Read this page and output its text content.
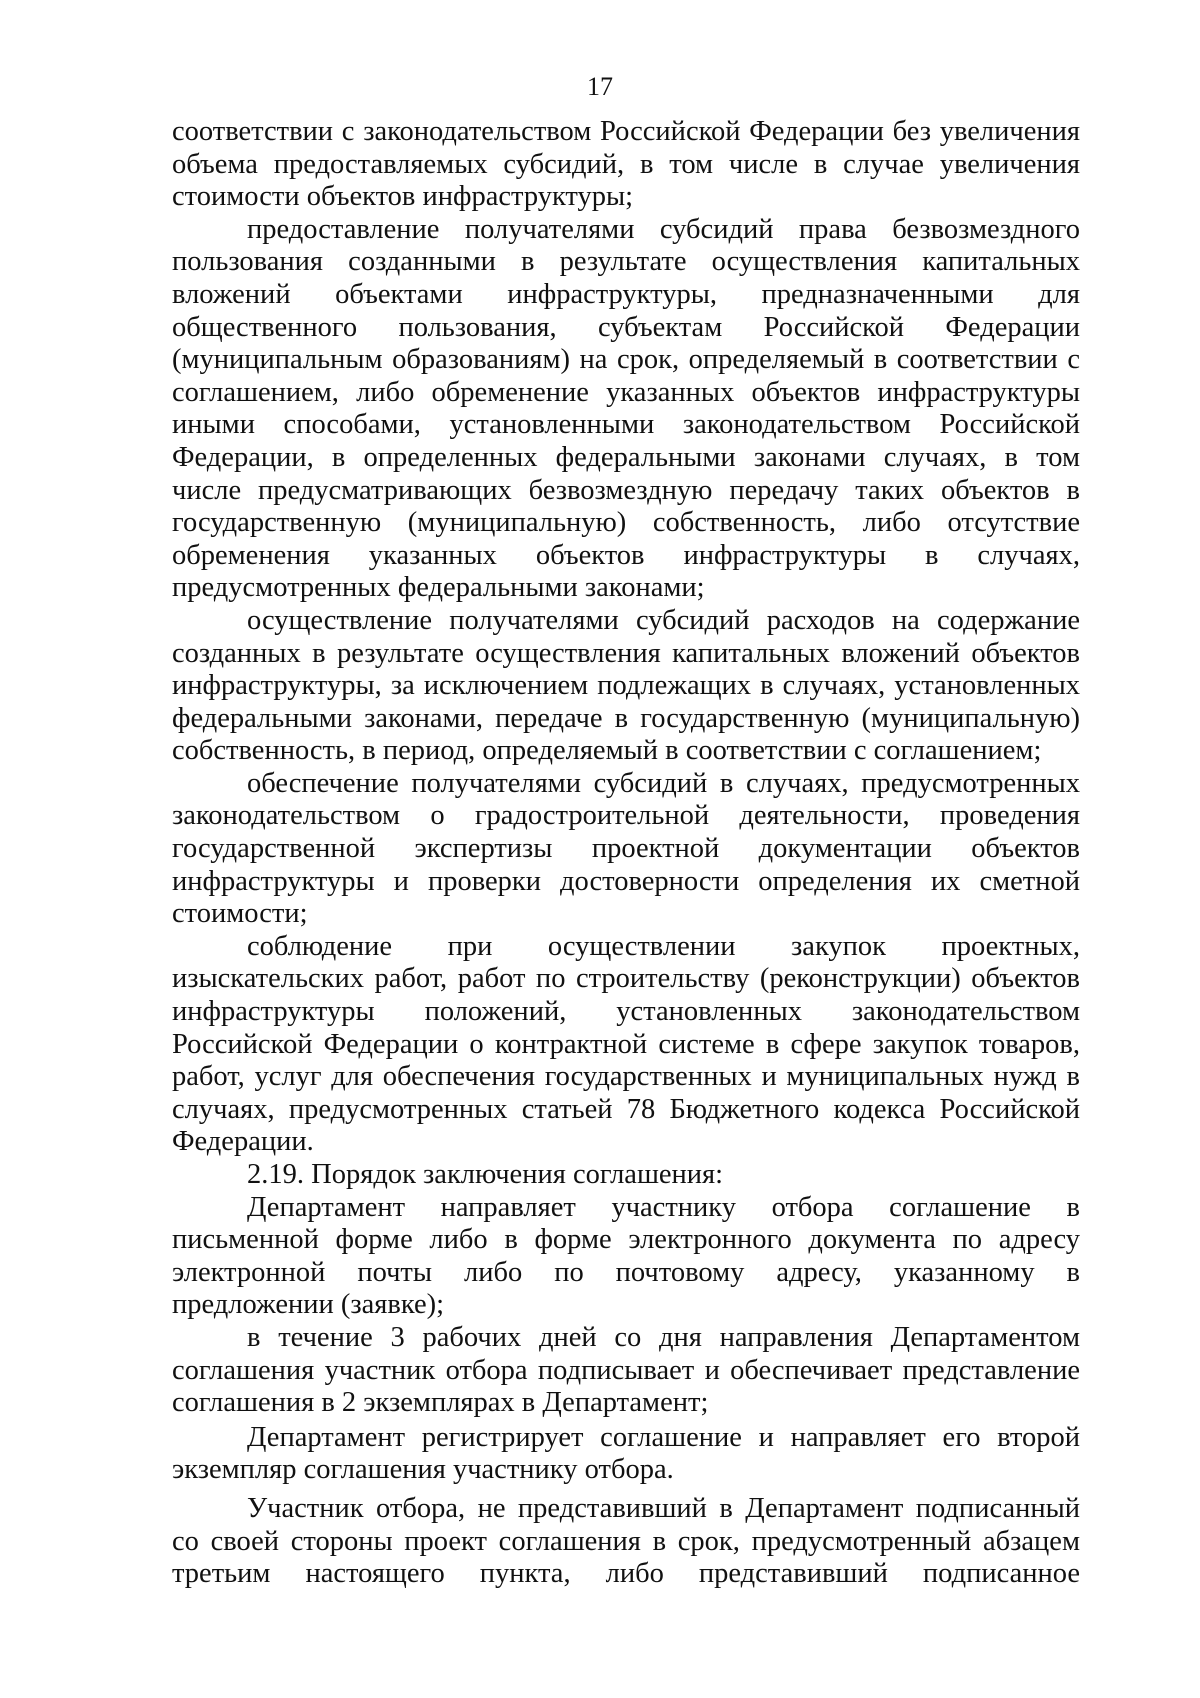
17
соответствии с законодательством Российской Федерации без увеличения
объема предоставляемых субсидий, в том числе в случае увеличения
стоимости объектов инфраструктуры;
предоставление получателями субсидий права безвозмездного
пользования созданными в результате осуществления капитальных
вложений объектами инфраструктуры, предназначенными для
общественного пользования, субъектам Российской Федерации
(муниципальным образованиям) на срок, определяемый в соответствии с
соглашением, либо обременение указанных объектов инфраструктуры
иными способами, установленными законодательством Российской
Федерации, в определенных федеральными законами случаях, в том
числе предусматривающих безвозмездную передачу таких объектов в
государственную (муниципальную) собственность, либо отсутствие
обременения указанных объектов инфраструктуры в случаях,
предусмотренных федеральными законами;
осуществление получателями субсидий расходов на содержание
созданных в результате осуществления капитальных вложений объектов
инфраструктуры, за исключением подлежащих в случаях, установленных
федеральными законами, передаче в государственную (муниципальную)
собственность, в период, определяемый в соответствии с соглашением;
обеспечение получателями субсидий в случаях, предусмотренных
законодательством о градостроительной деятельности, проведения
государственной экспертизы проектной документации объектов
инфраструктуры и проверки достоверности определения их сметной
стоимости;
соблюдение при осуществлении закупок проектных,
изыскательских работ, работ по строительству (реконструкции) объектов
инфраструктуры положений, установленных законодательством
Российской Федерации о контрактной системе в сфере закупок товаров,
работ, услуг для обеспечения государственных и муниципальных нужд в
случаях, предусмотренных статьей 78 Бюджетного кодекса Российской
Федерации.
2.19. Порядок заключения соглашения:
Департамент направляет участнику отбора соглашение в
письменной форме либо в форме электронного документа по адресу
электронной почты либо по почтовому адресу, указанному в
предложении (заявке);
в течение 3 рабочих дней со дня направления Департаментом
соглашения участник отбора подписывает и обеспечивает представление
соглашения в 2 экземплярах в Департамент;
Департамент регистрирует соглашение и направляет его второй
экземпляр соглашения участнику отбора.
Участник отбора, не представивший в Департамент подписанный
со своей стороны проект соглашения в срок, предусмотренный абзацем
третьим настоящего пункта, либо представивший подписанное
